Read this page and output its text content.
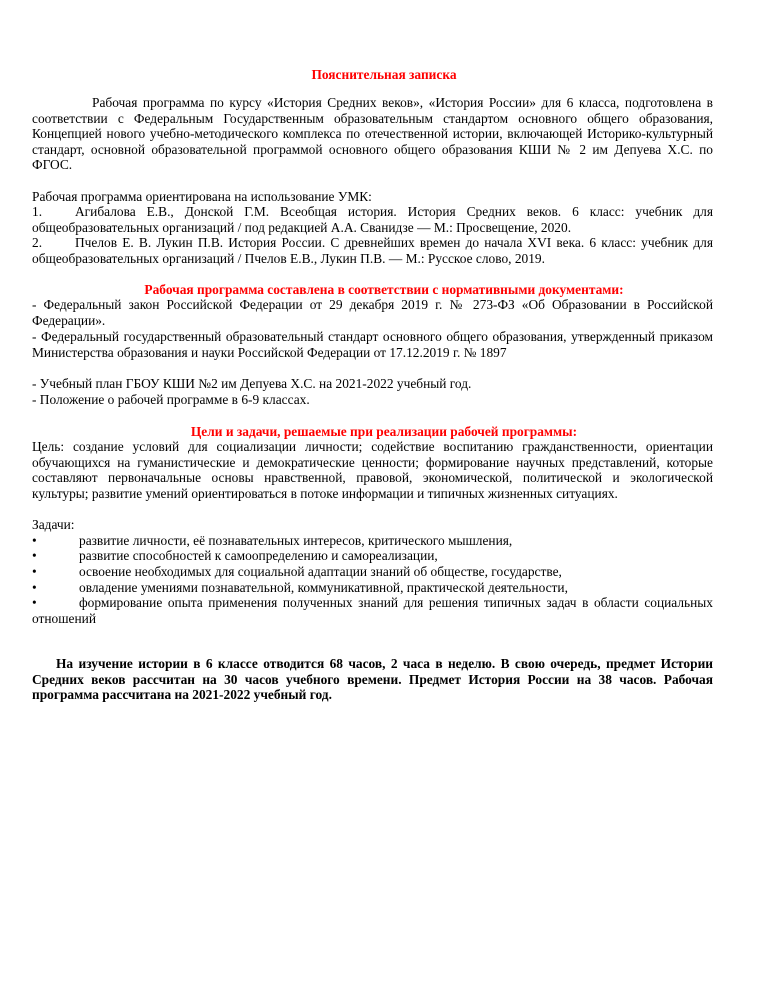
Пояснительная записка
Рабочая программа по курсу «История Средних веков», «История России» для 6 класса, подготовлена в соответствии с Федеральным Государственным образовательным стандартом основного общего образования, Концепцией нового учебно-методического комплекса по отечественной истории, включающей Историко-культурный стандарт, основной образовательной программой основного общего образования КШИ № 2 им Депуева Х.С. по ФГОС.
Рабочая программа ориентирована на использование УМК:
1. Агибалова Е.В., Донской Г.М. Всеобщая история. История Средних веков. 6 класс: учебник для общеобразовательных организаций / под редакцией А.А. Сванидзе — М.: Просвещение, 2020.
2. Пчелов Е. В. Лукин П.В. История России. С древнейших времен до начала XVI века. 6 класс: учебник для общеобразовательных организаций / Пчелов Е.В., Лукин П.В. — М.: Русское слово, 2019.
Рабочая программа составлена в соответствии с нормативными документами:
- Федеральный закон Российской Федерации от 29 декабря 2019 г. № 273-ФЗ «Об Образовании в Российской Федерации».
- Федеральный государственный образовательный стандарт основного общего образования, утвержденный приказом Министерства образования и науки Российской Федерации от 17.12.2019 г. № 1897
- Учебный план ГБОУ КШИ №2 им Депуева Х.С. на 2021-2022 учебный год.
- Положение о рабочей программе в 6-9 классах.
Цели и задачи, решаемые при реализации рабочей программы:
Цель: создание условий для социализации личности; содействие воспитанию гражданственности, ориентации обучающихся на гуманистические и демократические ценности; формирование научных представлений, которые составляют первоначальные основы нравственной, правовой, экономической, политической и экологической культуры; развитие умений ориентироваться в потоке информации и типичных жизненных ситуациях.
Задачи:
•	развитие личности, её познавательных интересов, критического мышления,
•	развитие способностей к самоопределению и самореализации,
•	освоение необходимых для социальной адаптации знаний об обществе, государстве,
•	овладение умениями познавательной, коммуникативной, практической деятельности,
•	формирование опыта применения полученных знаний для решения типичных задач в области социальных отношений
На изучение истории в 6 классе отводится 68 часов, 2 часа в неделю. В свою очередь, предмет Истории Средних веков рассчитан на 30 часов учебного времени. Предмет История России на 38 часов. Рабочая программа рассчитана на 2021-2022 учебный год.
